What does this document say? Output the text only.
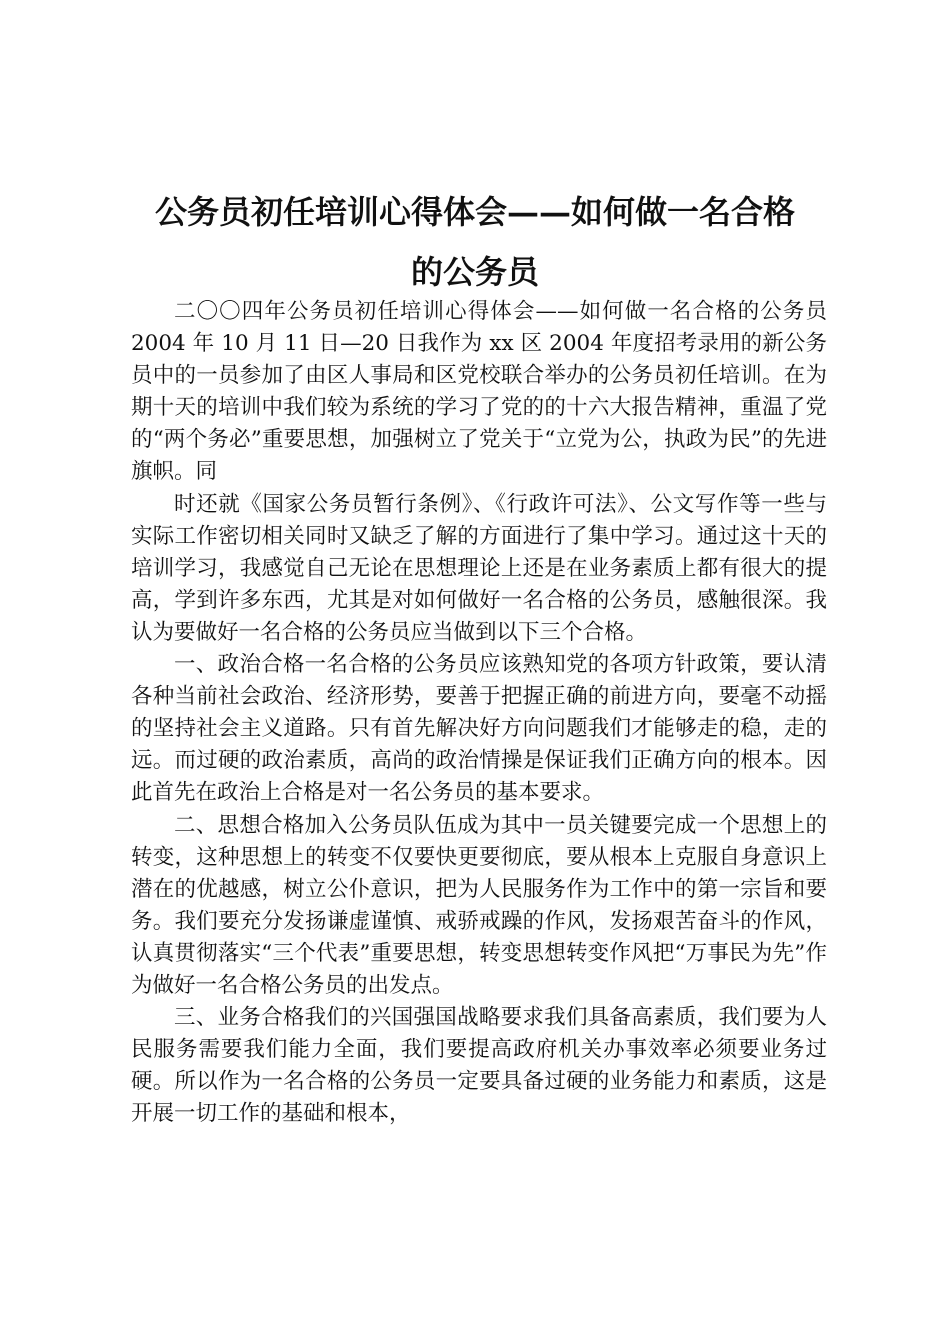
公务员初任培训心得体会——如何做一名合格

的公务员

二〇〇四年公务员初任培训心得体会——如何做一名合格的公务员 2004 年 10 月 11 日—20 日我作为 xx 区 2004 年度招考录用的新公务员中的一员参加了由区人事局和区党校联合举办的公务员初任培训。在为期十天的培训中我们较为系统的学习了党的的十六大报告精神，重温了党的“两个务必”重要思想，加强树立了党关于“立党为公，执政为民”的先进旗帜。同

时还就《国家公务员暂行条例》、《行政许可法》、公文写作等一些与实际工作密切相关同时又缺乏了解的方面进行了集中学习。通过这十天的培训学习，我感觉自己无论在思想理论上还是在业务素质上都有很大的提高，学到许多东西，尤其是对如何做好一名合格的公务员，感触很深。我认为要做好一名合格的公务员应当做到以下三个合格。

一、政治合格一名合格的公务员应该熟知党的各项方针政策，要认清各种当前社会政治、经济形势，要善于把握正确的前进方向，要毫不动摇的坚持社会主义道路。只有首先解决好方向问题我们才能够走的稳，走的远。而过硬的政治素质，高尚的政治情操是保证我们正确方向的根本。因此首先在政治上合格是对一名公务员的基本要求。

二、思想合格加入公务员队伍成为其中一员关键要完成一个思想上的转变，这种思想上的转变不仅要快更要彻底，要从根本上克服自身意识上潜在的优越感，树立公仆意识，把为人民服务作为工作中的第一宗旨和要务。我们要充分发扬谦虚谨慎、戒骄戒躁的作风，发扬艰苦奋斗的作风，认真贯彻落实“三个代表”重要思想，转变思想转变作风把“万事民为先”作为做好一名合格公务员的出发点。

三、业务合格我们的兴国强国战略要求我们具备高素质，我们要为人民服务需要我们能力全面，我们要提高政府机关办事效率必须要业务过硬。所以作为一名合格的公务员一定要具备过硬的业务能力和素质，这是开展一切工作的基础和根本，
